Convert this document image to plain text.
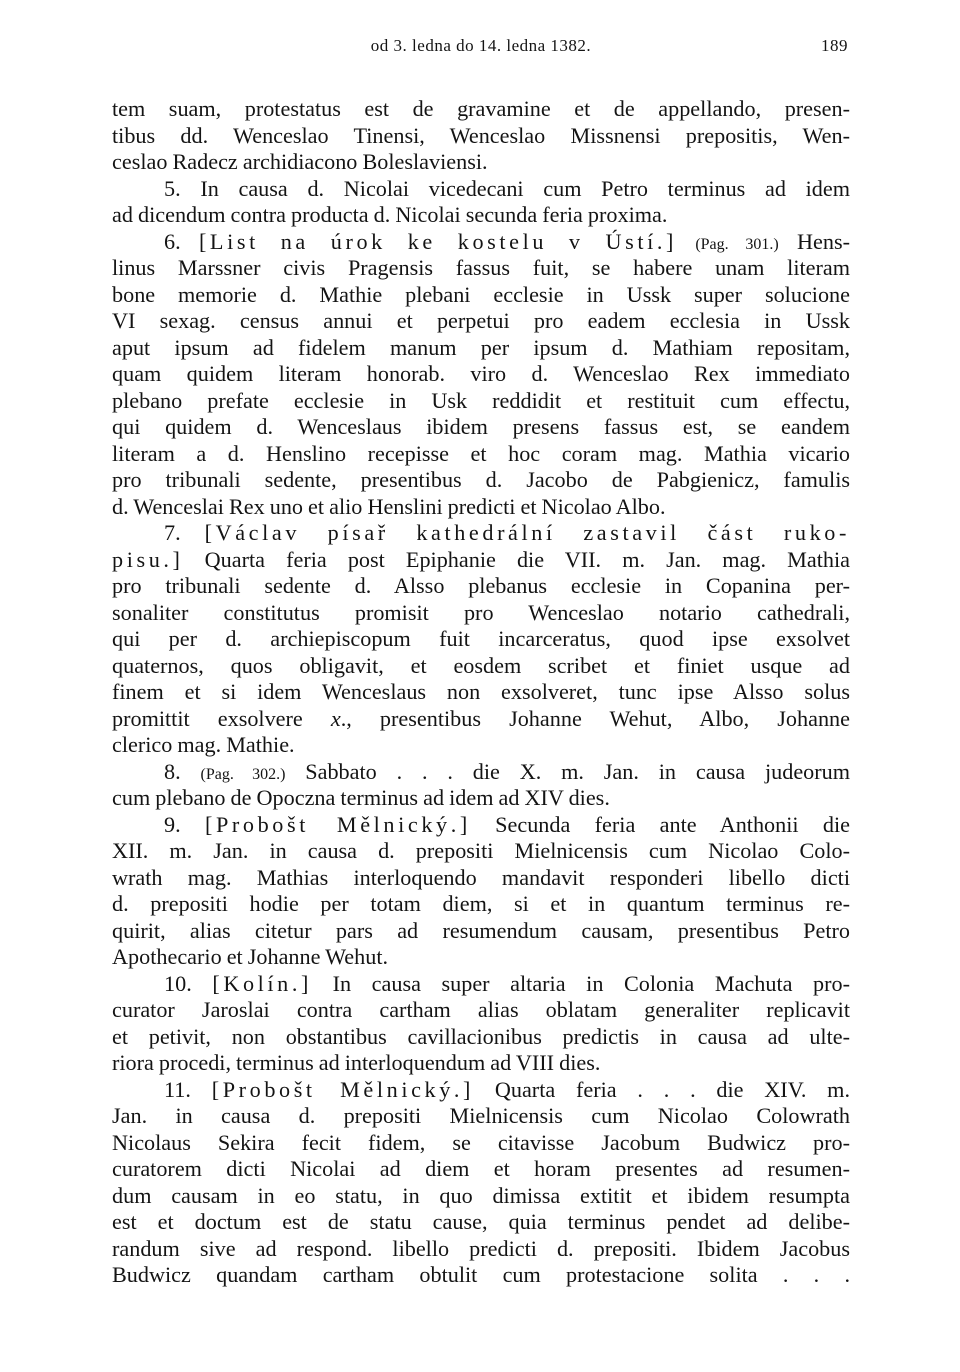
od 3. ledna do 14. ledna 1382.	189
tem suam, protestatus est de gravamine et de appellando, presen-
tibus dd. Wenceslao Tinensi, Wenceslao Missnensi prepositis, Wen-
ceslao Radecz archidiacono Boleslaviensi.
5. In causa d. Nicolai vicedecani cum Petro terminus ad idem
ad dicendum contra producta d. Nicolai secunda feria proxima.
6. [List na úrok ke kostelu v Ústí.] (Pag. 301.) Hens-
linus Marssner civis Pragensis fassus fuit, se habere unam literam
bone memorie d. Mathie plebani ecclesie in Ussk super solucione
VI sexag. census annui et perpetui pro eadem ecclesia in Ussk
aput ipsum ad fidelem manum per ipsum d. Mathiam repositam,
quam quidem literam honorab. viro d. Wenceslao Rex immediato
plebano prefate ecclesie in Usk reddidit et restituit cum effectu,
qui quidem d. Wenceslaus ibidem presens fassus est, se eandem
literam a d. Henslino recepisse et hoc coram mag. Mathia vicario
pro tribunali sedente, presentibus d. Jacobo de Pabgienicz, famulis
d. Wenceslai Rex uno et alio Henslini predicti et Nicolao Albo.
7. [Václav písař kathedrální zastavil část ruko-
pisu.] Quarta feria post Epiphanie die VII. m. Jan. mag. Mathia
pro tribunali sedente d. Alsso plebanus ecclesie in Copanina per-
sonaliter constitutus promisit pro Wenceslao notario cathedrali,
qui per d. archiepiscopum fuit incarceratus, quod ipse exsolvet
quaternos, quos obligavit, et eosdem scribet et finiet usque ad
finem et si idem Wenceslaus non exsolveret, tunc ipse Alsso solus
promittit exsolvere x., presentibus Johanne Wehut, Albo, Johanne
clerico mag. Mathie.
8. (Pag. 302.) Sabbato . . . die X. m. Jan. in causa judeorum
cum plebano de Opoczna terminus ad idem ad XIV dies.
9. [Probošt Mělnický.] Secunda feria ante Anthonii die
XII. m. Jan. in causa d. prepositi Mielnicensis cum Nicolao Colo-
wrath mag. Mathias interloquendo mandavit responderi libello dicti
d. prepositi hodie per totam diem, si et in quantum terminus re-
quirit, alias citetur pars ad resumendum causam, presentibus Petro
Apothecario et Johanne Wehut.
10. [Kolín.] In causa super altaria in Colonia Machuta pro-
curator Jaroslai contra cartham alias oblatam generaliter replicavit
et petivit, non obstantibus cavillacionibus predictis in causa ad ulte-
riora procedi, terminus ad interloquendum ad VIII dies.
11. [Probošt Mělnický.] Quarta feria . . . die XIV. m.
Jan. in causa d. prepositi Mielnicensis cum Nicolao Colowrath
Nicolaus Sekira fecit fidem, se citavisse Jacobum Budwicz pro-
curatorem dicti Nicolai ad diem et horam presentes ad resumen-
dum causam in eo statu, in quo dimissa extitit et ibidem resumpta
est et doctum est de statu cause, quia terminus pendet ad delibe-
randum sive ad respond. libello predicti d. prepositi. Ibidem Jacobus
Budwicz quandam cartham obtulit cum protestacione solita . . .
